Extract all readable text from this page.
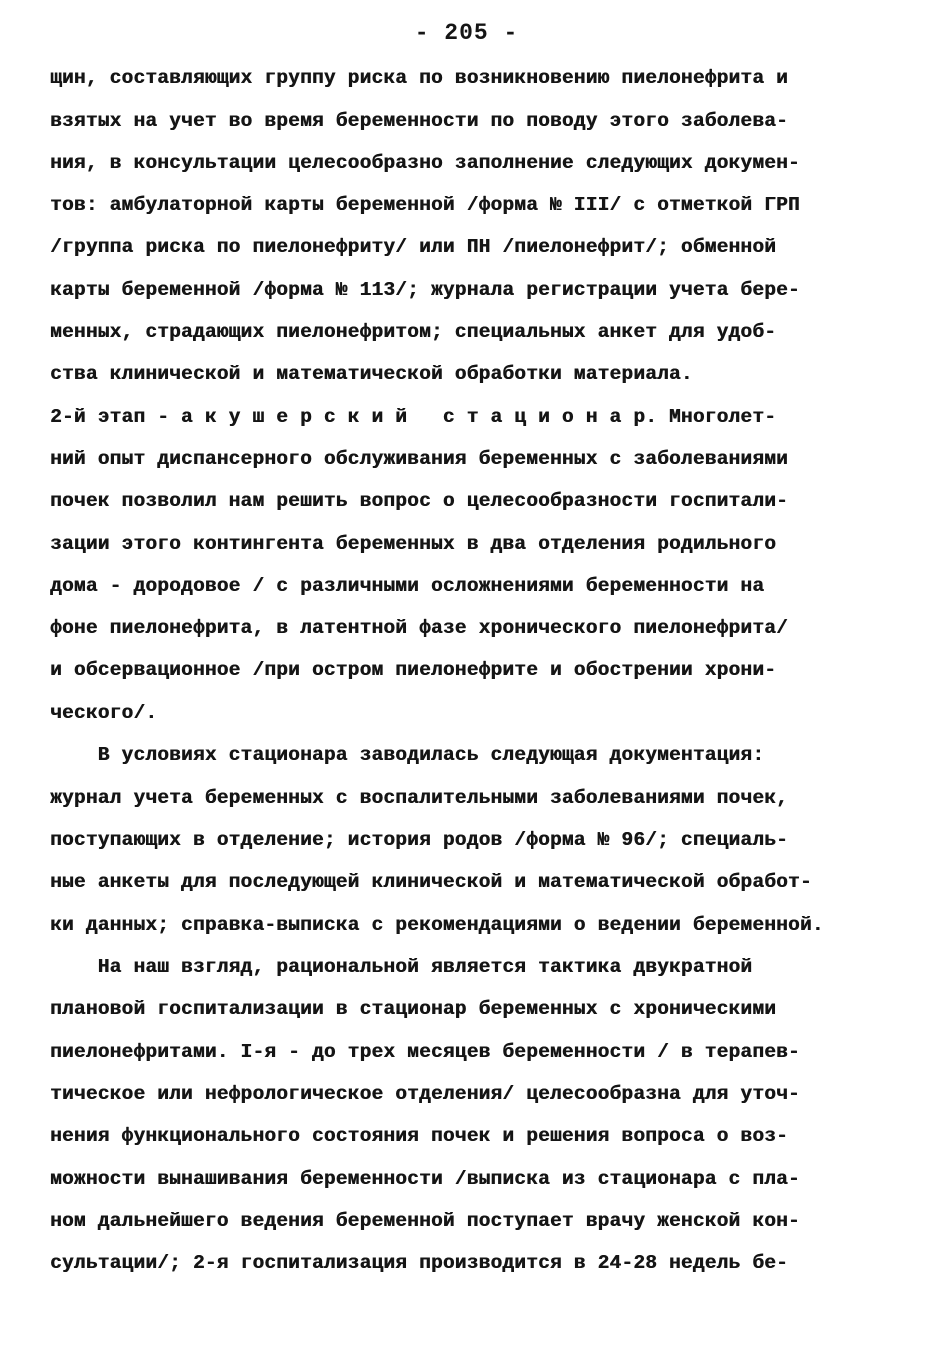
- 205 -
щин, составляющих группу риска по возникновению пиелонефрита и
взятых на учет во время беременности по поводу этого заболева-
ния, в консультации целесообразно заполнение следующих докумен-
тов: амбулаторной карты беременной /форма № III/ с отметкой ГРП
/группа риска по пиелонефриту/ или ПН /пиелонефрит/; обменной
карты беременной /форма № 113/; журнала регистрации учета бере-
менных, страдающих пиелонефритом; специальных анкет для удоб-
ства клинической и математической обработки материала.
2-й этап - а к у ш е р с к и й   с т а ц и о н а р. Многолет-
ний опыт диспансерного обслуживания беременных с заболеваниями
почек позволил нам решить вопрос о целесообразности госпитали-
зации этого контингента беременных в два отделения родильного
дома - дородовое / с различными осложнениями беременности на
фоне пиелонефрита, в латентной фазе хронического пиелонефрита/
и обсервационное /при остром пиелонефрите и обострении хрони-
ческого/.
В условиях стационара заводилась следующая документация:
журнал учета беременных с воспалительными заболеваниями почек,
поступающих в отделение; история родов /форма № 96/; специаль-
ные анкеты для последующей клинической и математической обработ-
ки данных; справка-выписка с рекомендациями о ведении беременной.
На наш взгляд, рациональной является тактика двукратной
плановой госпитализации в стационар беременных с хроническими
пиелонефритами. I-я - до трех месяцев беременности / в терапев-
тическое или нефрологическое отделения/ целесообразна для уточ-
нения функционального состояния почек и решения вопроса о воз-
можности вынашивания беременности /выписка из стационара с пла-
ном дальнейшего ведения беременной поступает врачу женской кон-
сультации/; 2-я госпитализация производится в 24-28 недель бе-
